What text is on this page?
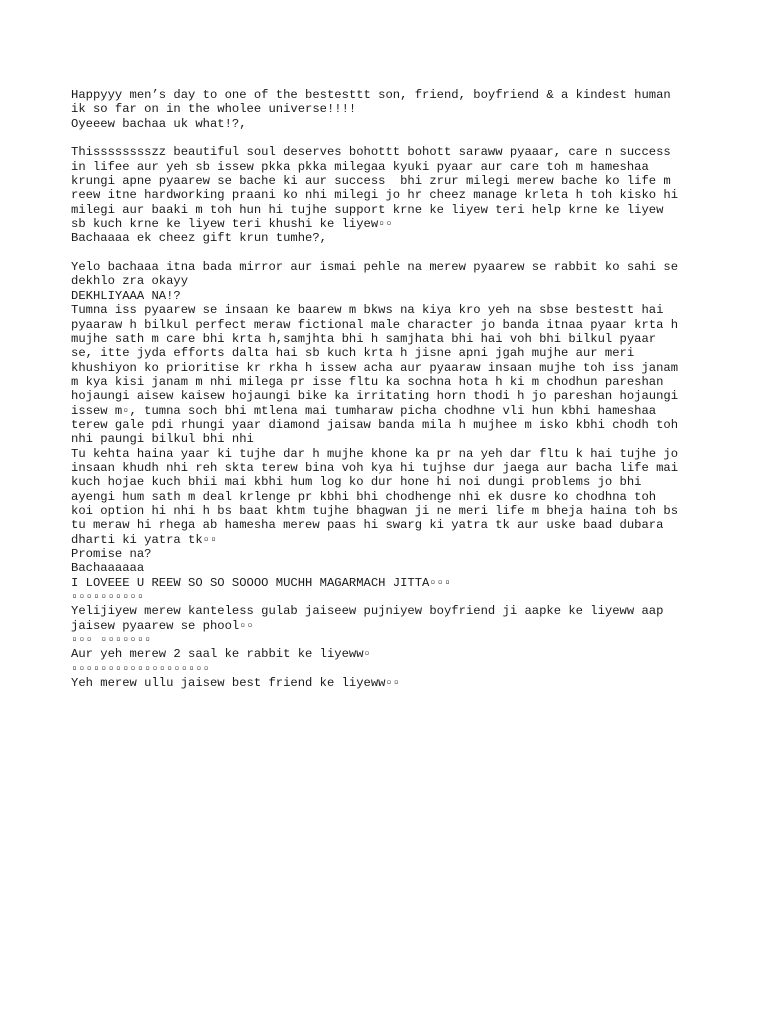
Happyyy men’s day to one of the bestesttt son, friend, boyfriend & a kindest human
ik so far on in the wholee universe!!!!
Oyeeew bachaa uk what!?,
Thisssssssszz beautiful soul deserves bohottt bohott sarаww pyaaar, care n success
in lifee aur yeh sb issew pkka pkka milegaa kyuki pyaar aur care toh m hameshaa
krungi apne pyaarew se bache ki aur success  bhi zrur milegi merew bache ko life m
reew itne hardworking praani ko nhi milegi jo hr cheez manage krleta h toh kisko hi
milegi aur baaki m toh hun hi tujhe support krne ke liyew teri help krne ke liyew
sb kuch krne ke liyew teri khushi ke liyew▫▫
Bachaaaa ek cheez gift krun tumhe?,
Yelo bachaaa itna bada mirror aur ismai pehle na merew pyaarew se rabbit ko sahi se
dekhlo zra okayy
DEKHLIYAAA NA!?
Tumna iss pyaarew se insaan ke baarew m bkws na kiya kro yeh na sbse bestestt hai
pyaaraw h bilkul perfect meraw fictional male character jo banda itnaa pyaar krta h
mujhe sath m care bhi krta h,samjhta bhi h samjhata bhi hai voh bhi bilkul pyaar
se, itte jyda efforts dalta hai sb kuch krta h jisne apni jgah mujhe aur meri
khushiyon ko prioritise kr rkha h issew acha aur pyaaraw insaan mujhe toh iss janam
m kya kisi janam m nhi milega pr isse fltu ka sochna hota h ki m chodhun pareshan
hojaungi aisew kaisew hojaungi bike ka irritating horn thodi h jo pareshan hojaungi
issew m▫, tumna soch bhi mtlena mai tumharaw picha chodhne vli hun kbhi hameshaa
terew gale pdi rhungi yaar diamond jaisaw banda mila h mujhee m isko kbhi chodh toh
nhi paungi bilkul bhi nhi
Tu kehta haina yaar ki tujhe dar h mujhe khone ka pr na yeh dar fltu k hai tujhe jo
insaan khudh nhi reh skta terew bina voh kya hi tujhse dur jaega aur bacha life mai
kuch hojae kuch bhii mai kbhi hum log ko dur hone hi noi dungi problems jo bhi
ayengi hum sath m deal krlenge pr kbhi bhi chodhenge nhi ek dusre ko chodhna toh
koi option hi nhi h bs baat khtm tujhe bhagwan ji ne meri life m bheja haina toh bs
tu meraw hi rhega ab hamesha merew paas hi swarg ki yatra tk aur uske baad dubara
dharti ki yatra tk▫▫
Promise na?
Bachaaaaaa
I LOVEEE U REEW SO SO SOOOO MUCHH MAGARMACH JITTA▫▫▫
▫▫▫▫▫▫▫▫▫▫
Yelijiyew merew kanteless gulab jaiseew pujniyew boyfriend ji aapke ke liyeww aap
jaisew pyaarew se phool▫▫
▫▫▫ ▫▫▫▫▫▫▫
Aur yeh merew 2 saal ke rabbit ke liyeww▫
▫▫▫▫▫▫▫▫▫▫▫▫▫▫▫▫▫▫▫
Yeh merew ullu jaisew best friend ke liyeww▫▫
